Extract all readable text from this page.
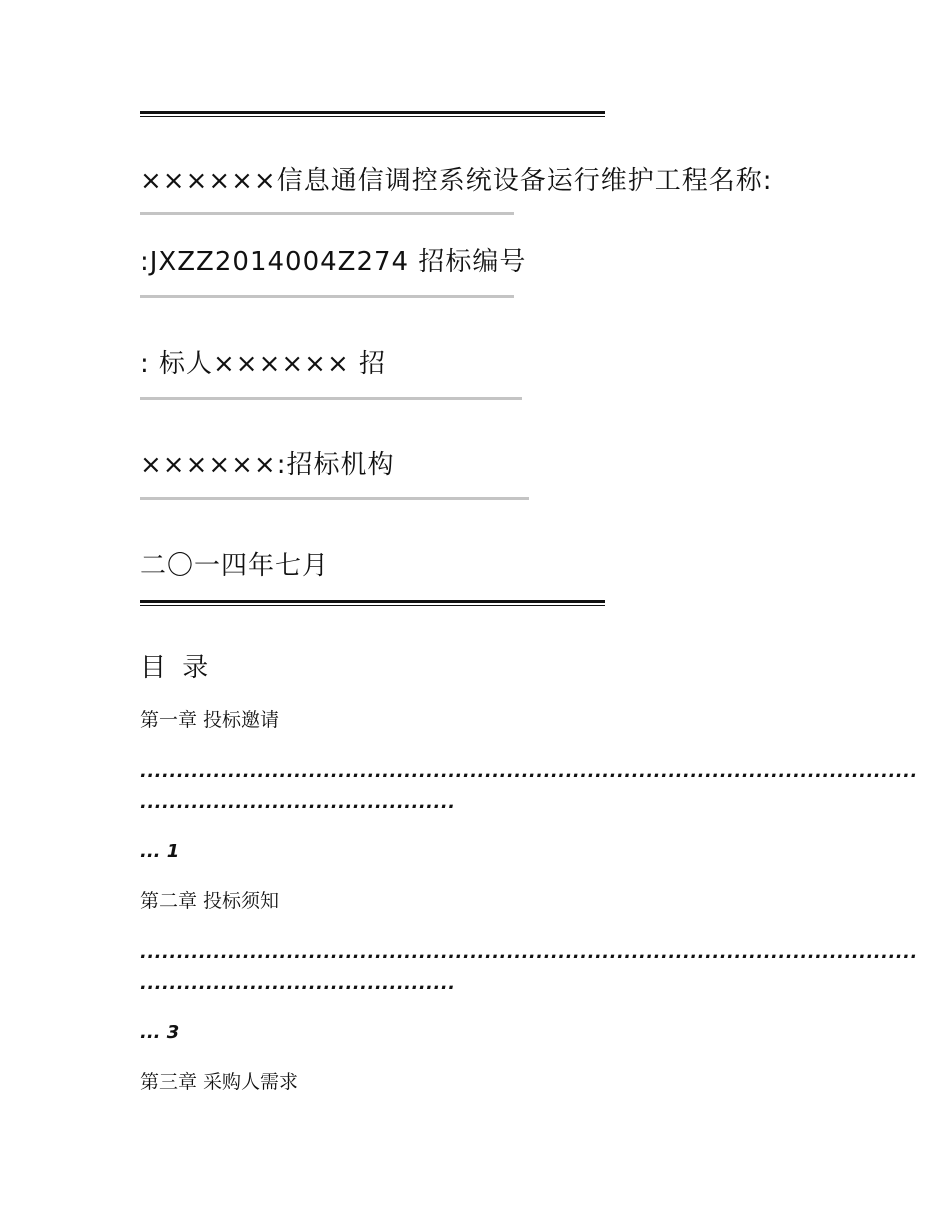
××××××信息通信调控系统设备运行维护工程名称:
:JXZZ2014004Z274 招标编号
: 标人×××××× 招
××××××:招标机构
二〇一四年七月
目 录
第一章 投标邀请
..........................................................................................................
...........................................
... 1
第二章 投标须知
..........................................................................................................
...........................................
... 3
第三章 采购人需求
